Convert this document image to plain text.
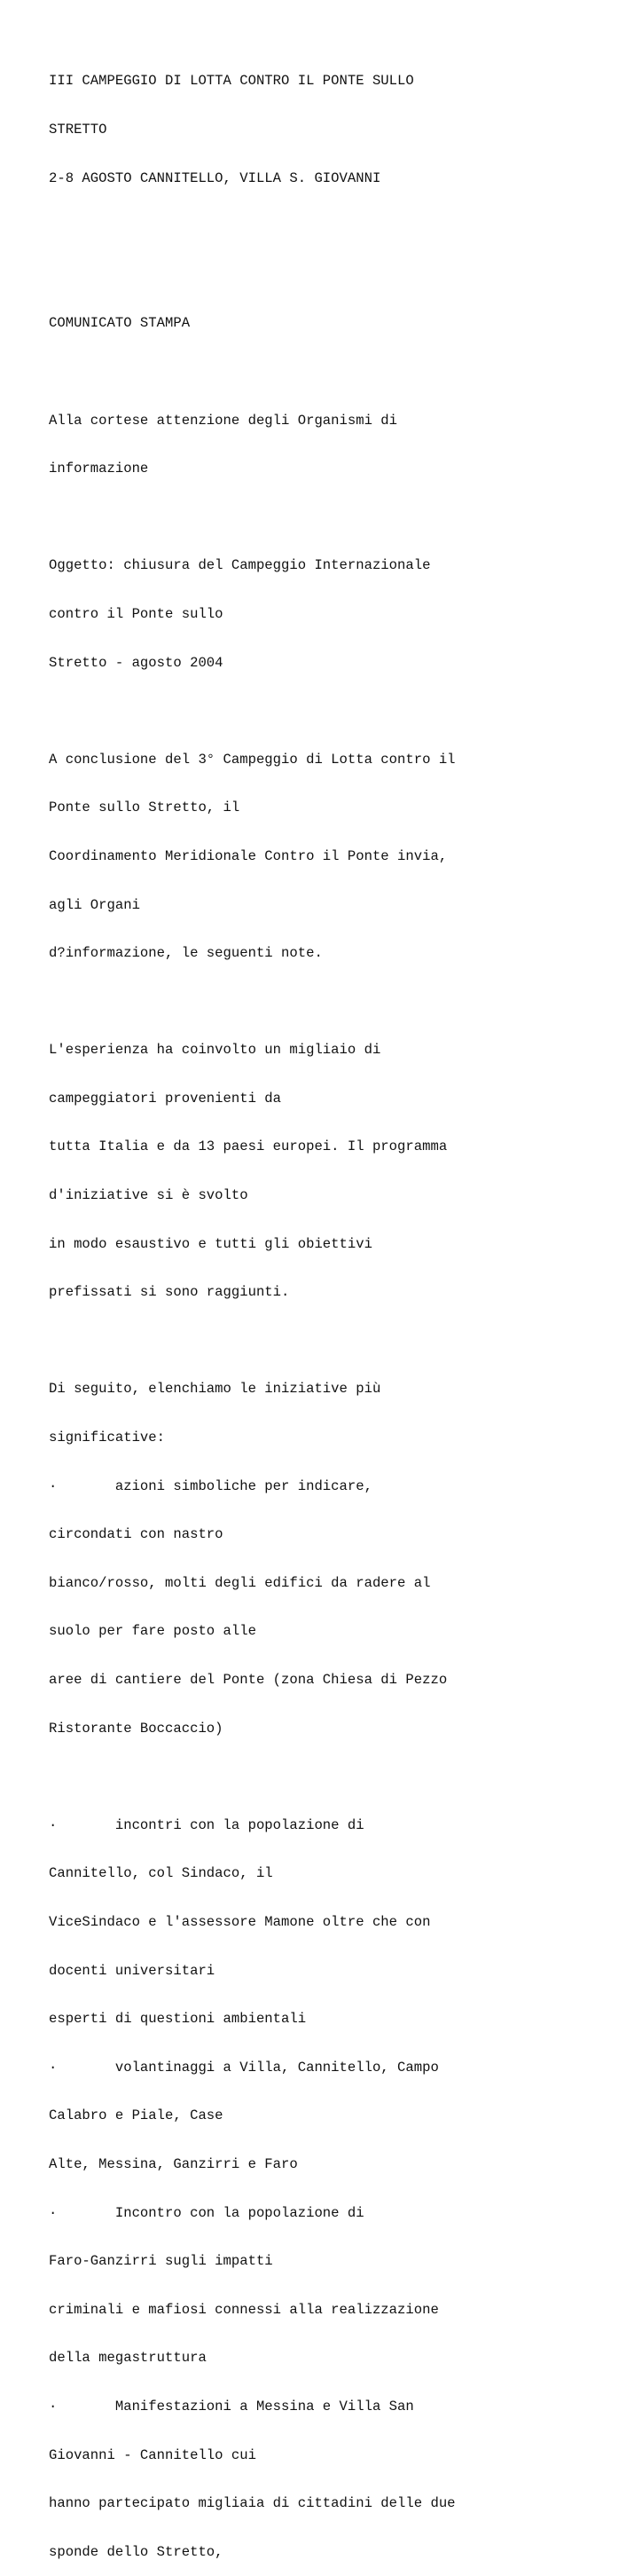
III CAMPEGGIO DI LOTTA CONTRO IL PONTE SULLO

STRETTO

2-8 AGOSTO CANNITELLO, VILLA S. GIOVANNI

COMUNICATO STAMPA

Alla cortese attenzione degli Organismi di

informazione

Oggetto: chiusura del Campeggio Internazionale

contro il Ponte sullo

Stretto - agosto 2004

A conclusione del 3° Campeggio di Lotta contro il

Ponte sullo Stretto, il

Coordinamento Meridionale Contro il Ponte invia,

agli Organi

d?informazione, le seguenti note.

L'esperienza ha coinvolto un migliaio di

campeggiatori provenienti da

tutta Italia e da 13 paesi europei. Il programma

d'iniziative si è svolto

in modo esaustivo e tutti gli obiettivi

prefissati si sono raggiunti.

Di seguito, elenchiamo le iniziative più

significative:

·       azioni simboliche per indicare,

circondati con nastro

bianco/rosso, molti degli edifici da radere al

suolo per fare posto alle

aree di cantiere del Ponte (zona Chiesa di Pezzo

Ristorante Boccaccio)

·       incontri con la popolazione di

Cannitello, col Sindaco, il

ViceSindaco e l'assessore Mamone oltre che con

docenti universitari

esperti di questioni ambientali

·       volantinaggi a Villa, Cannitello, Campo

Calabro e Piale, Case

Alte, Messina, Ganzirri e Faro

·       Incontro con la popolazione di

Faro-Ganzirri sugli impatti

criminali e mafiosi connessi alla realizzazione

della megastruttura

·       Manifestazioni a Messina e Villa San

Giovanni - Cannitello cui

hanno partecipato migliaia di cittadini delle due

sponde dello Stretto,
